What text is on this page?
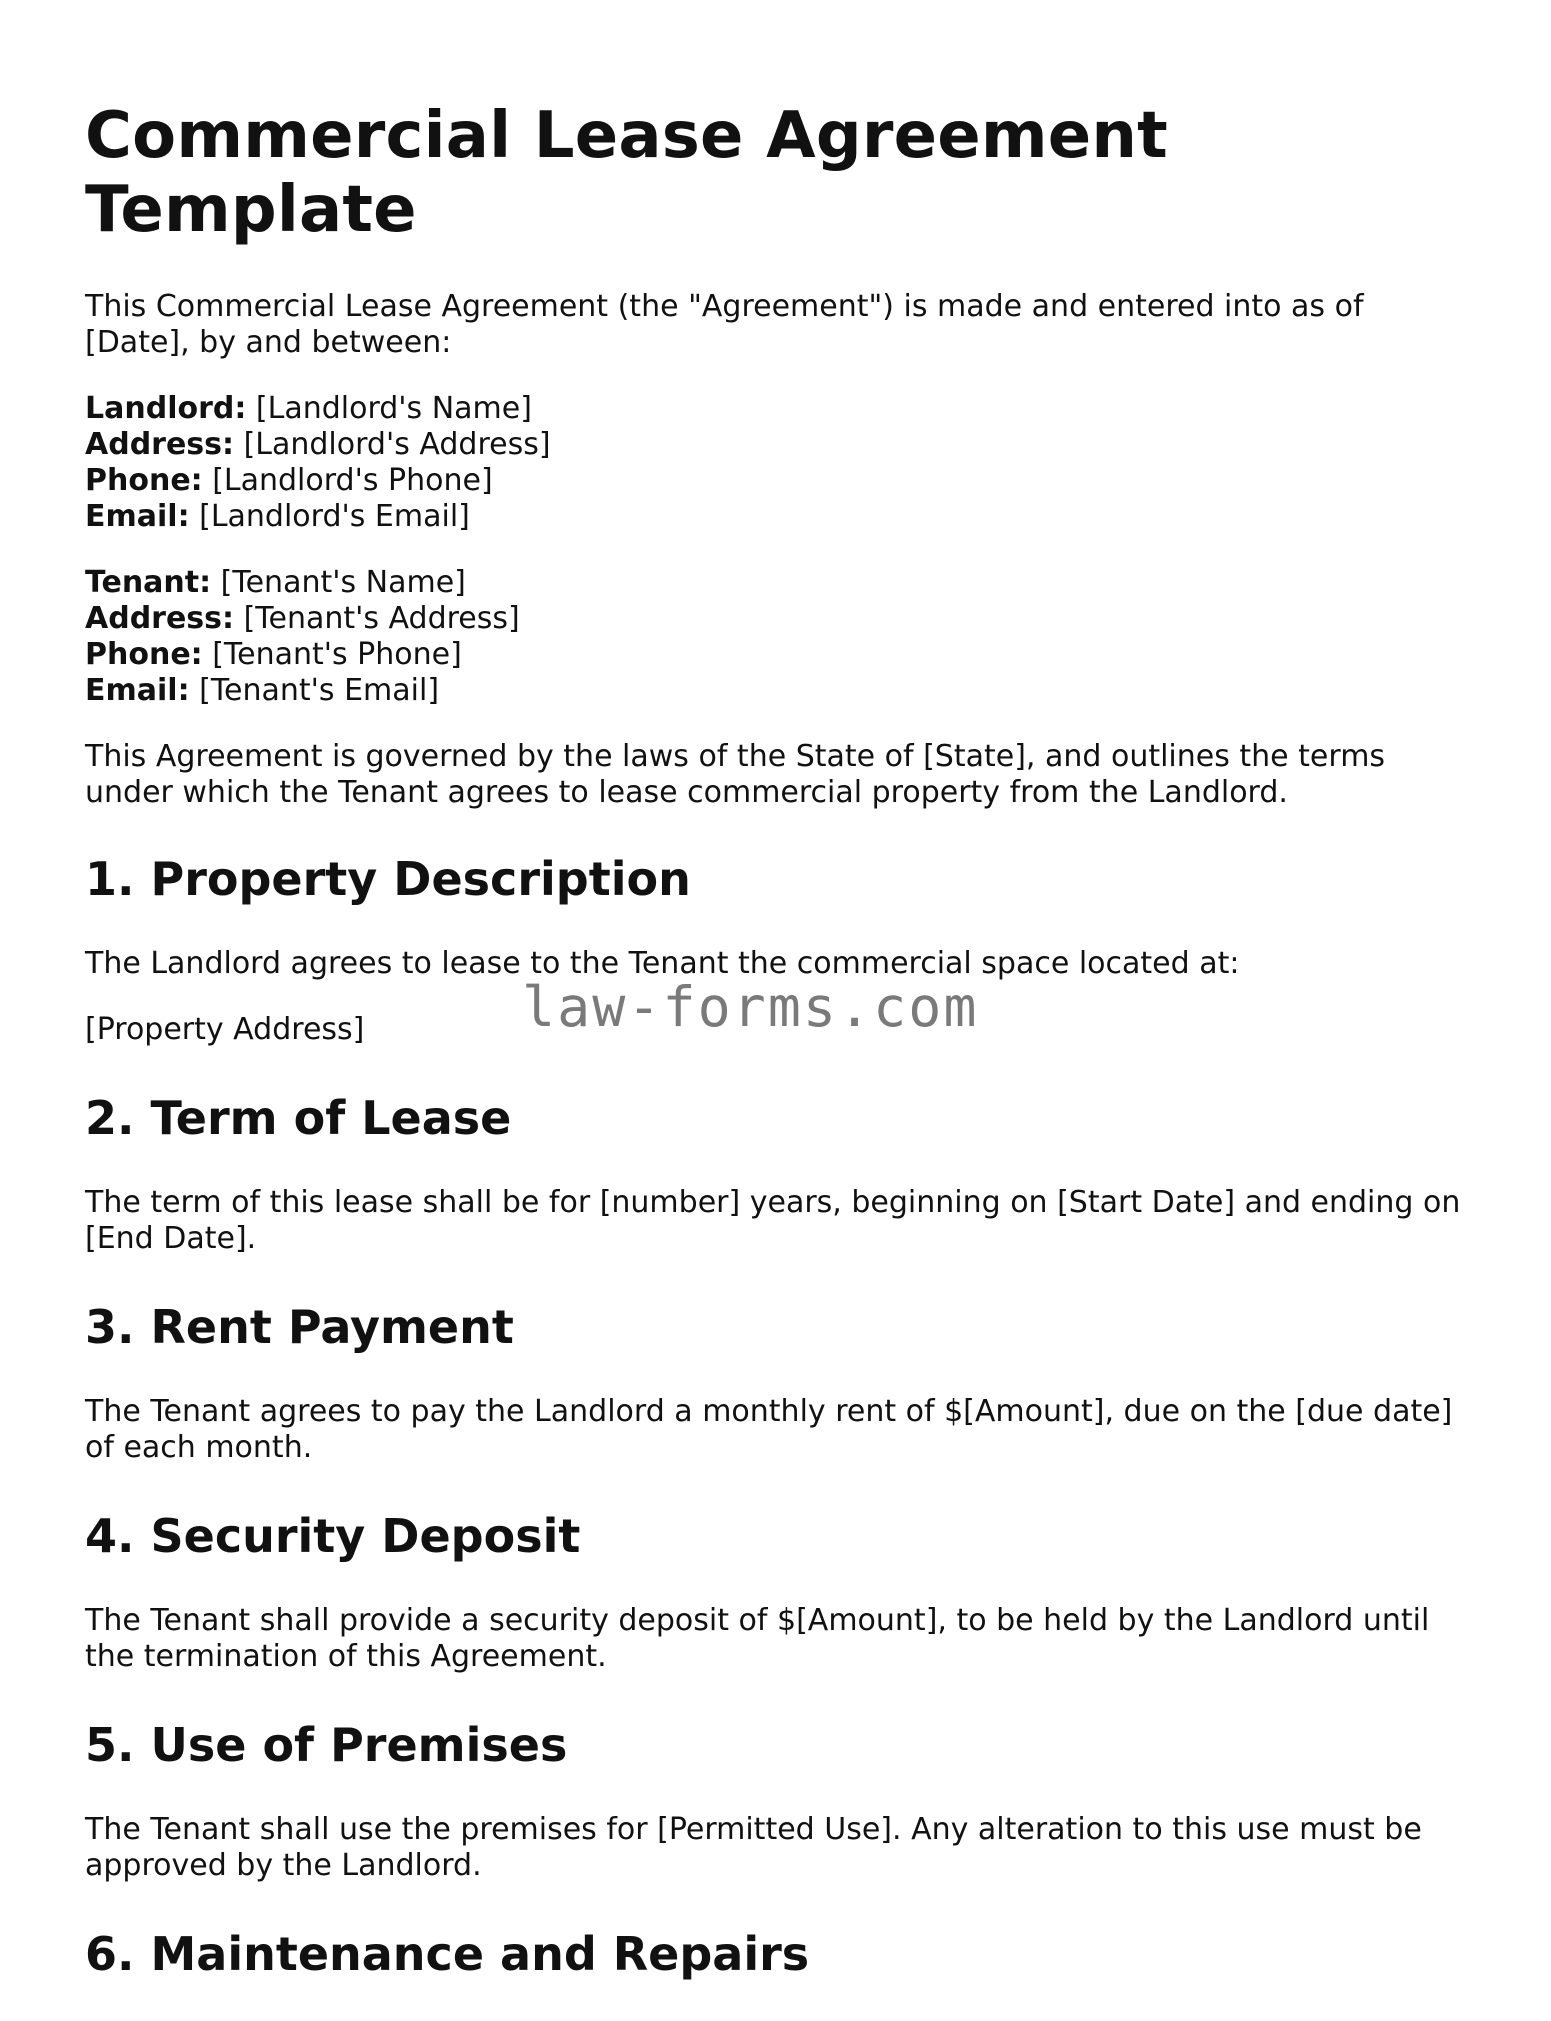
Commercial Lease Agreement Template

This Commercial Lease Agreement (the "Agreement") is made and entered into as of [Date], by and between:

Landlord: [Landlord's Name]
Address: [Landlord's Address]
Phone: [Landlord's Phone]
Email: [Landlord's Email]
Tenant: [Tenant's Name]
Address: [Tenant's Address]
Phone: [Tenant's Phone]
Email: [Tenant's Email]

This Agreement is governed by the laws of the State of [State], and outlines the terms under which the Tenant agrees to lease commercial property from the Landlord.

1. Property Description

The Landlord agrees to lease to the Tenant the commercial space located at:

[Property Address]

2. Term of Lease

The term of this lease shall be for [number] years, beginning on [Start Date] and ending on [End Date].

3. Rent Payment

The Tenant agrees to pay the Landlord a monthly rent of $[Amount], due on the [due date] of each month.

4. Security Deposit

The Tenant shall provide a security deposit of $[Amount], to be held by the Landlord until the termination of this Agreement.

5. Use of Premises

The Tenant shall use the premises for [Permitted Use]. Any alteration to this use must be approved by the Landlord.

6. Maintenance and Repairs
law-forms.com
